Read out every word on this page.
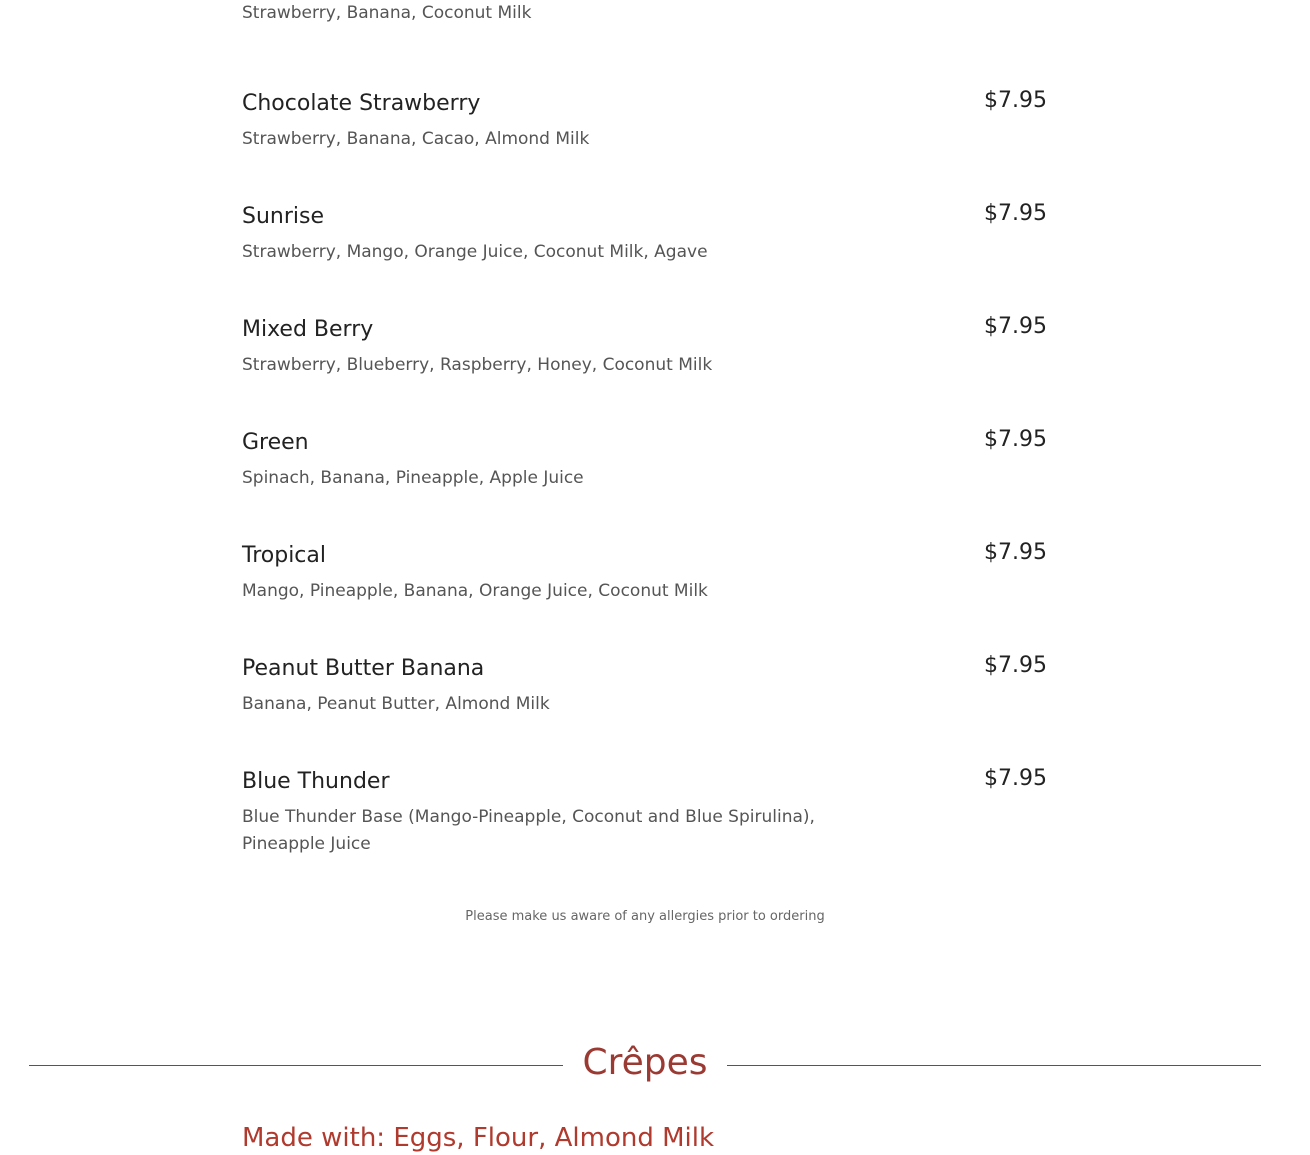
Strawberry, Banana, Coconut Milk
Chocolate Strawberry	$7.95
Strawberry, Banana, Cacao, Almond Milk
Sunrise	$7.95
Strawberry, Mango, Orange Juice, Coconut Milk, Agave
Mixed Berry	$7.95
Strawberry, Blueberry, Raspberry, Honey, Coconut Milk
Green	$7.95
Spinach, Banana, Pineapple, Apple Juice
Tropical	$7.95
Mango, Pineapple, Banana, Orange Juice, Coconut Milk
Peanut Butter Banana	$7.95
Banana, Peanut Butter, Almond Milk
Blue Thunder	$7.95
Blue Thunder Base (Mango-Pineapple, Coconut and Blue Spirulina), Pineapple Juice
Please make us aware of any allergies prior to ordering
Crêpes
Made with: Eggs, Flour, Almond Milk
